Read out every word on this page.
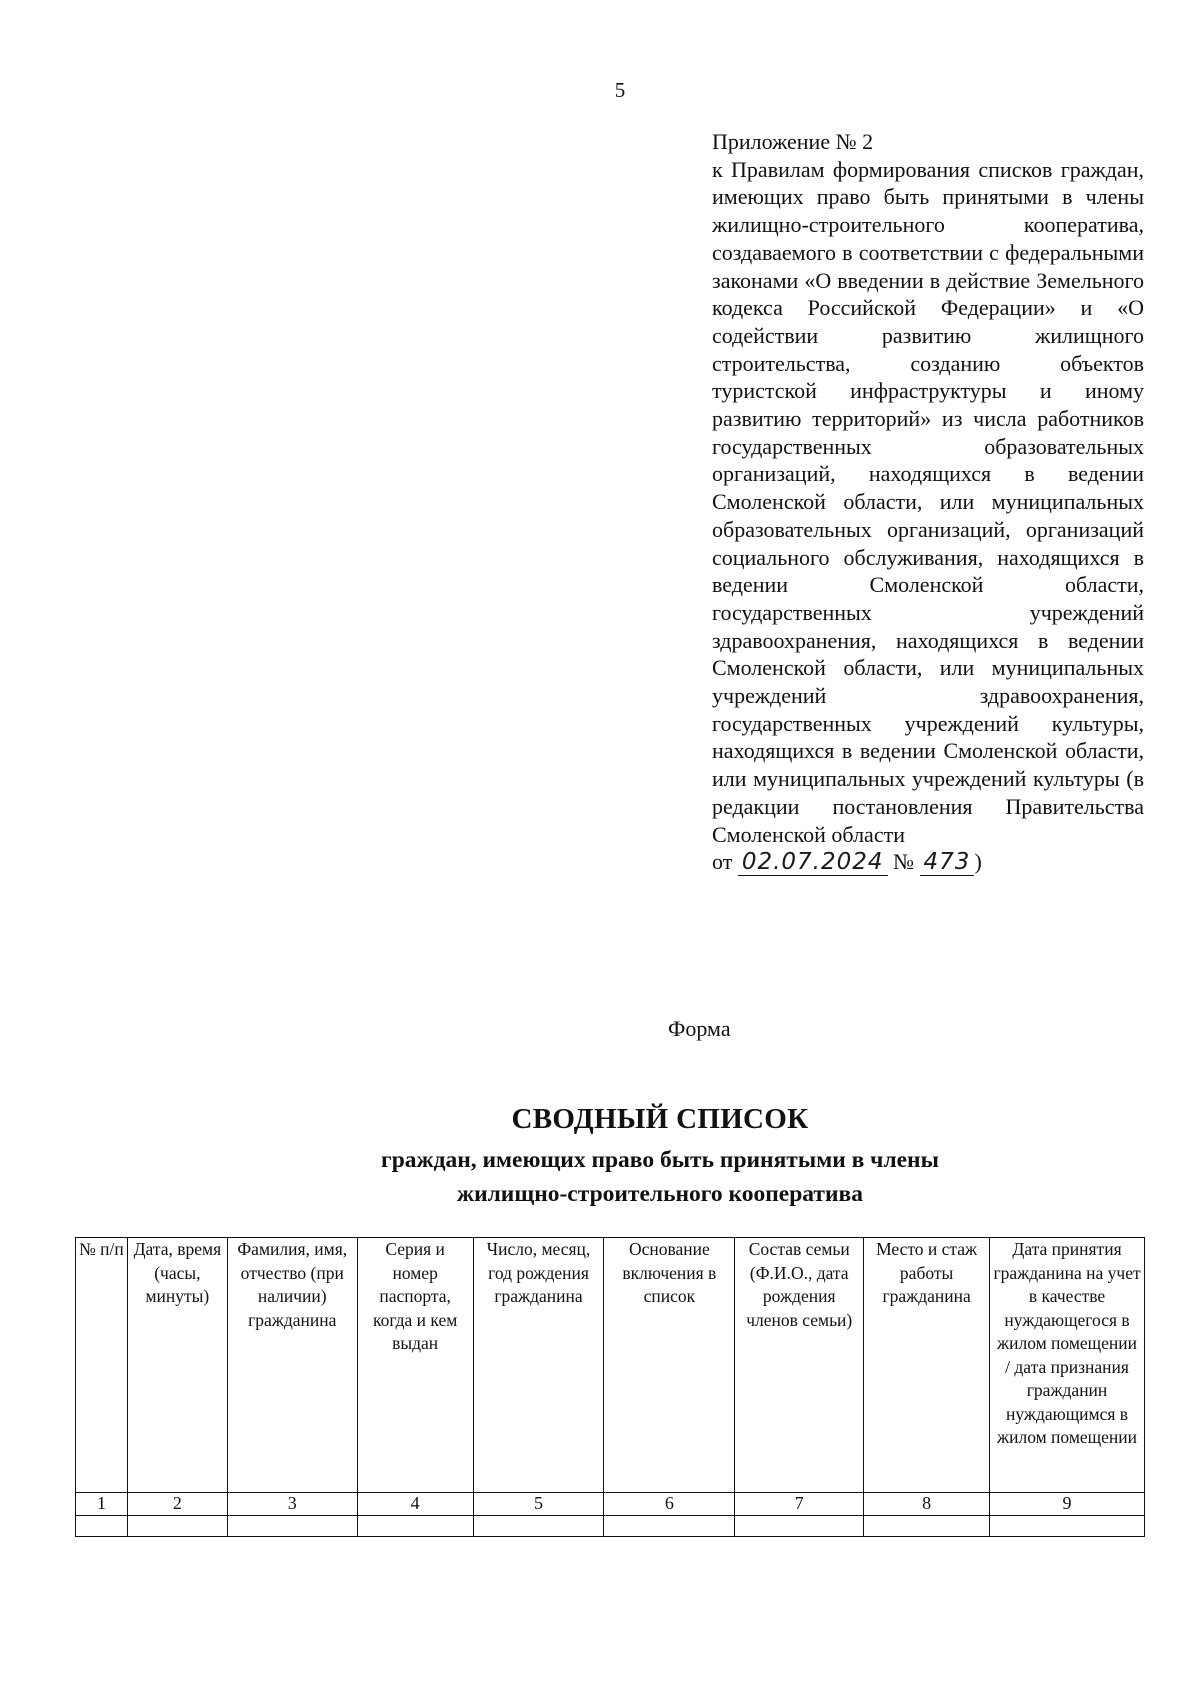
5
Приложение № 2
к Правилам формирования списков граждан, имеющих право быть принятыми в члены жилищно-строительного кооператива, создаваемого в соответствии с федеральными законами «О введении в действие Земельного кодекса Российской Федерации» и «О содействии развитию жилищного строительства, созданию объектов туристской инфраструктуры и иному развитию территорий» из числа работников государственных образовательных организаций, находящихся в ведении Смоленской области, или муниципальных образовательных организаций, организаций социального обслуживания, находящихся в ведении Смоленской области, государственных учреждений здравоохранения, находящихся в ведении Смоленской области, или муниципальных учреждений здравоохранения, государственных учреждений культуры, находящихся в ведении Смоленской области, или муниципальных учреждений культуры (в редакции постановления Правительства Смоленской области
от 02.07.2024 № 473 )
Форма
СВОДНЫЙ СПИСОК
граждан, имеющих право быть принятыми в члены
жилищно-строительного кооператива
№ п/п	Дата, время (часы, минуты)	Фамилия, имя, отчество (при наличии) гражданина	Серия и номер паспорта, когда и кем выдан	Число, месяц, год рождения гражданина	Основание включения в список	Состав семьи (Ф.И.О., дата рождения членов семьи)	Место и стаж работы гражданина	Дата принятия гражданина на учет в качестве нуждающегося в жилом помещении / дата признания гражданин нуждающимся в жилом помещении
1	2	3	4	5	6	7	8	9
